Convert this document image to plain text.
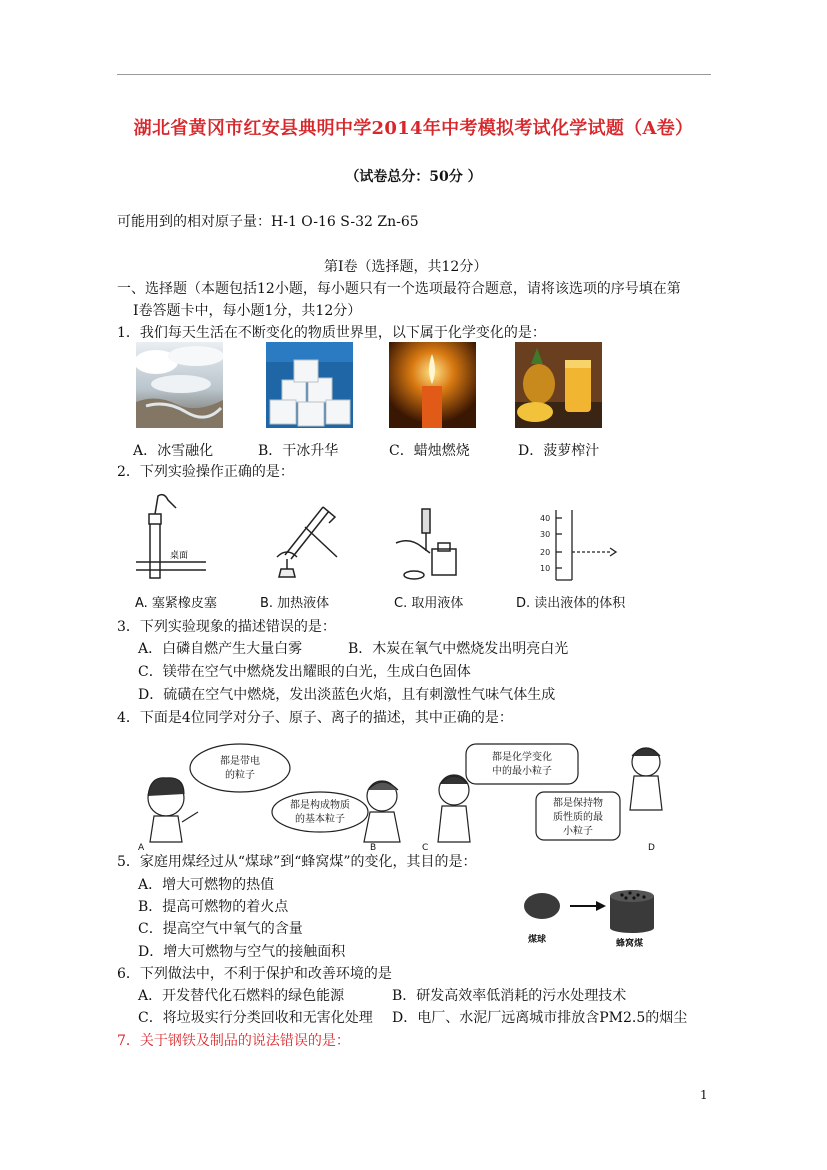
湖北省黄冈市红安县典明中学2014年中考模拟考试化学试题（A卷）
（试卷总分：50分 ）
可能用到的相对原子量：H-1 O-16 S-32 Zn-65
第Ⅰ卷（选择题，共12分）
一、选择题（本题包括12小题，每小题只有一个选项最符合题意，请将该选项的序号填在第
Ⅰ卷答题卡中，每小题1分，共12分）
1．我们每天生活在不断变化的物质世界里，以下属于化学变化的是：
A．冰雪融化	B．干冰升华	C．蜡烛燃烧	D．菠萝榨汁
2．下列实验操作正确的是：
桌面
40
30
20
10
A. 塞紧橡皮塞	B. 加热液体	C. 取用液体	D. 读出液体的体积
3．下列实验现象的描述错误的是：
A．白磷自燃产生大量白雾	B．木炭在氧气中燃烧发出明亮白光
C．镁带在空气中燃烧发出耀眼的白光，生成白色固体
D．硫磺在空气中燃烧，发出淡蓝色火焰，且有刺激性气味气体生成
4．下面是4位同学对分子、原子、离子的描述，其中正确的是：
都是带电
的粒子
都是构成物质
的基本粒子
都是化学变化
中的最小粒子
都是保持物
质性质的最
小粒子
A	B	C	D
5．家庭用煤经过从“煤球”到“蜂窝煤”的变化，其目的是：
A．增大可燃物的热值
B．提高可燃物的着火点
C．提高空气中氧气的含量
D．增大可燃物与空气的接触面积
煤球	蜂窝煤
6．下列做法中，不利于保护和改善环境的是
A．开发替代化石燃料的绿色能源	B．研发高效率低消耗的污水处理技术
C．将垃圾实行分类回收和无害化处理 D．电厂、水泥厂远离城市排放含PM2.5的烟尘
7．关于钢铁及制品的说法错误的是：
1
